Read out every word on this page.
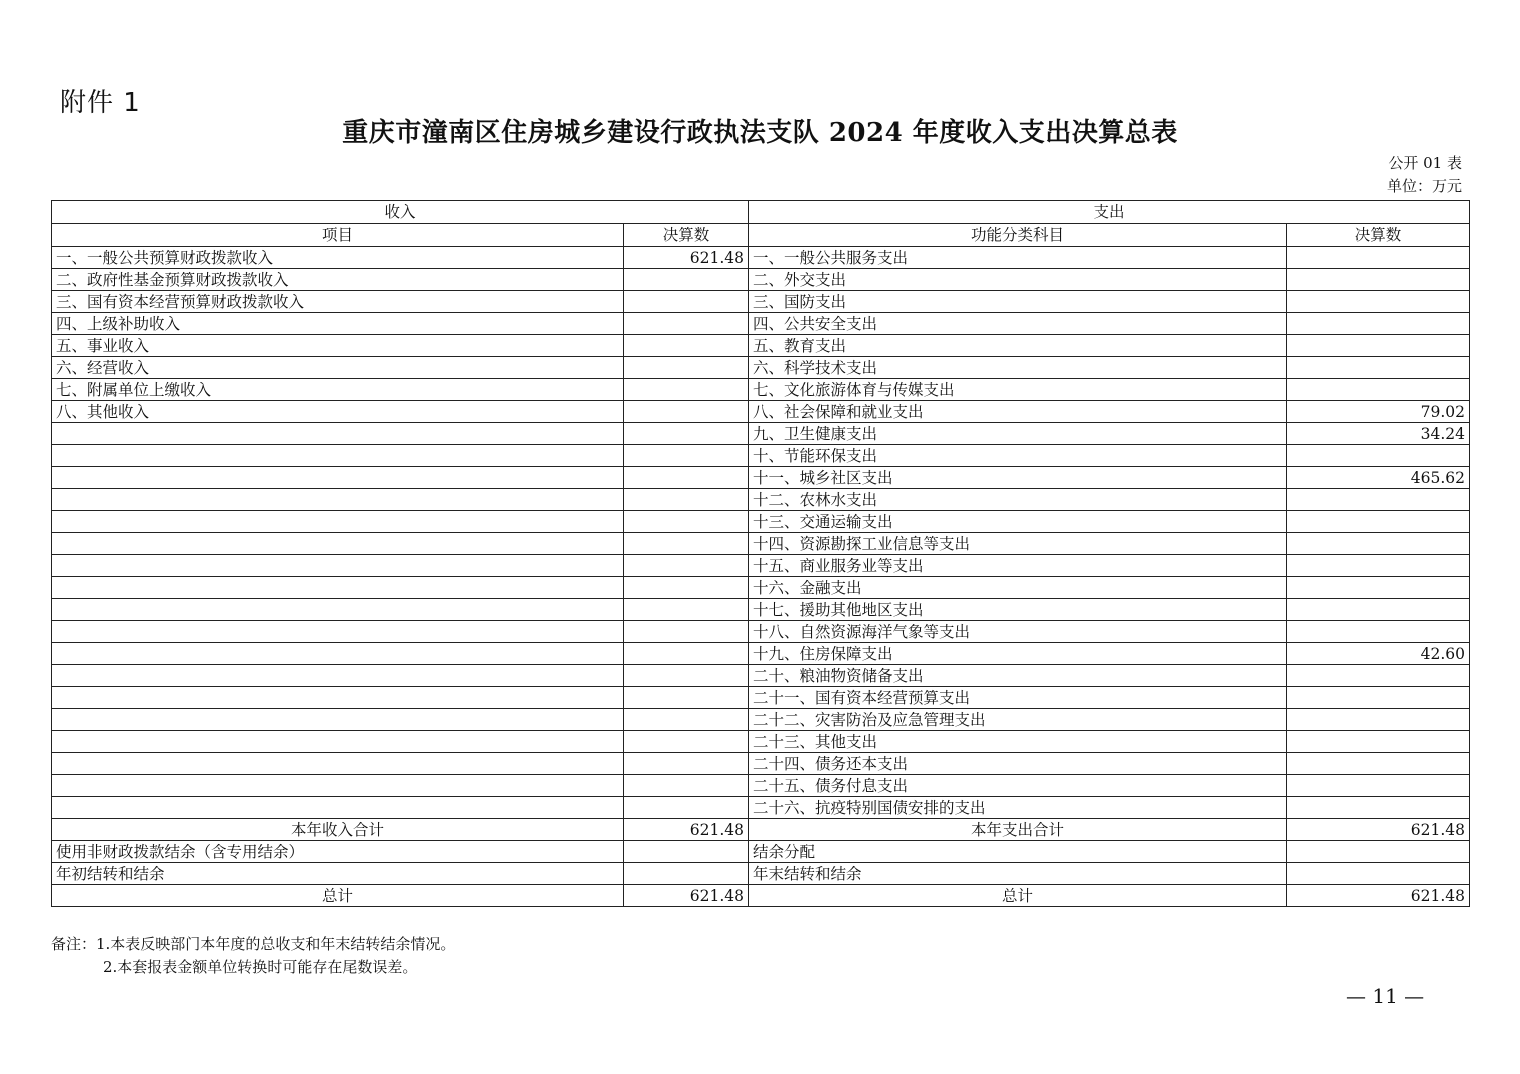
附件 1
重庆市潼南区住房城乡建设行政执法支队 2024 年度收入支出决算总表
公开 01 表
单位：万元
收入		支出	
项目	决算数	功能分类科目	决算数
一、一般公共预算财政拨款收入	621.48	一、一般公共服务支出	
二、政府性基金预算财政拨款收入		二、外交支出	
三、国有资本经营预算财政拨款收入		三、国防支出	
四、上级补助收入		四、公共安全支出	
五、事业收入		五、教育支出	
六、经营收入		六、科学技术支出	
七、附属单位上缴收入		七、文化旅游体育与传媒支出	
八、其他收入		八、社会保障和就业支出	79.02
		九、卫生健康支出	34.24
		十、节能环保支出	
		十一、城乡社区支出	465.62
		十二、农林水支出	
		十三、交通运输支出	
		十四、资源勘探工业信息等支出	
		十五、商业服务业等支出	
		十六、金融支出	
		十七、援助其他地区支出	
		十八、自然资源海洋气象等支出	
		十九、住房保障支出	42.60
		二十、粮油物资储备支出	
		二十一、国有资本经营预算支出	
		二十二、灾害防治及应急管理支出	
		二十三、其他支出	
		二十四、债务还本支出	
		二十五、债务付息支出	
		二十六、抗疫特别国债安排的支出	
本年收入合计	621.48	本年支出合计	621.48
使用非财政拨款结余（含专用结余）		结余分配	
年初结转和结余		年末结转和结余	
总计	621.48	总计	621.48
备注：1.本表反映部门本年度的总收支和年末结转结余情况。
2.本套报表金额单位转换时可能存在尾数误差。
— 11 —
